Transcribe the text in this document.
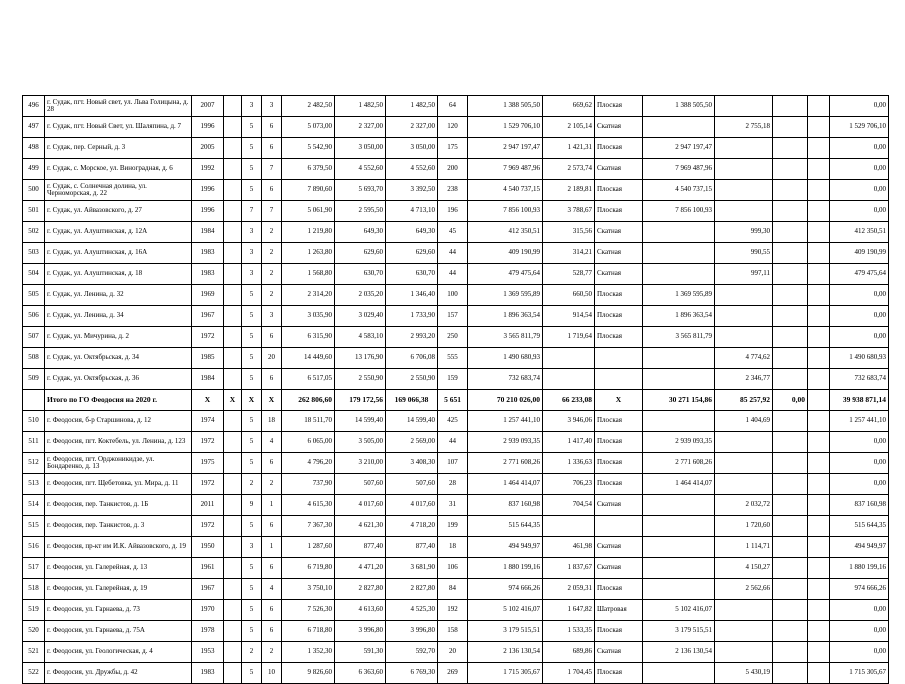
496	г. Судак, пгт. Новый свет, ул. Льва Голицына, д. 28	2007		3	3	2 482,50	1 482,50	1 482,50	64	1 388 505,50	669,62	Плоская	1 388 505,50				0,00
497	г. Судак, пгт. Новый Свет, ул. Шаляпина, д. 7	1996		5	6	5 073,00	2 327,00	2 327,00	120	1 529 706,10	2 105,14	Скатная		2 755,18			1 529 706,10
498	г. Судак, пер. Серный, д. 3	2005		5	6	5 542,90	3 050,00	3 050,00	175	2 947 197,47	1 421,31	Плоская	2 947 197,47				0,00
499	г. Судак, с. Морское, ул. Виноградная, д. 6	1992		5	7	6 379,50	4 552,60	4 552,60	200	7 969 487,96	2 573,74	Скатная	7 969 487,96				0,00
500	г. Судак, с. Солнечная долина, ул. Черноморская, д. 22	1996		5	6	7 890,60	5 693,70	3 392,50	238	4 540 737,15	2 189,81	Плоская	4 540 737,15				0,00
501	г. Судак, ул. Айвазовского, д. 27	1996		7	7	5 061,90	2 595,50	4 713,10	196	7 856 100,93	3 788,67	Плоская	7 856 100,93				0,00
502	г. Судак, ул. Алуштинская, д. 12А	1984		3	2	1 219,80	649,30	649,30	45	412 350,51	315,56	Скатная		999,30			412 350,51
503	г. Судак, ул. Алуштинская, д. 16А	1983		3	2	1 263,80	629,60	629,60	44	409 190,99	314,21	Скатная		990,55			409 190,99
504	г. Судак, ул. Алуштинская, д. 18	1983		3	2	1 568,80	630,70	630,70	44	479 475,64	528,77	Скатная		997,11			479 475,64
505	г. Судак, ул. Ленина, д. 32	1969		5	2	2 314,20	2 035,20	1 346,40	100	1 369 595,89	660,50	Плоская	1 369 595,89				0,00
506	г. Судак, ул. Ленина, д. 34	1967		5	3	3 035,90	3 029,40	1 733,90	157	1 896 363,54	914,54	Плоская	1 896 363,54				0,00
507	г. Судак, ул. Мичурина, д. 2	1972		5	6	6 315,90	4 583,10	2 993,20	250	3 565 811,79	1 719,64	Плоская	3 565 811,79				0,00
508	г. Судак, ул. Октябрьская, д. 34	1985		5	20	14 449,60	13 176,90	6 706,08	555	1 490 680,93				4 774,62			1 490 680,93
509	г. Судак, ул. Октябрьская, д. 36	1984		5	6	6 517,05	2 550,90	2 550,90	159	732 683,74				2 346,77			732 683,74
	Итого по ГО Феодосия на 2020 г.	X	X	X	X	262 806,60	179 172,56	169 066,38	5 651	70 210 026,00	66 233,08	X	30 271 154,86	85 257,92	0,00		39 938 871,14
510	г. Феодосия, б-р Старшинова, д. 12	1974		5	18	18 511,70	14 599,40	14 599,40	425	1 257 441,10	3 946,06	Плоская		1 404,69			1 257 441,10
511	г. Феодосия, пгт. Коктебель, ул. Ленина, д. 123	1972		5	4	6 065,00	3 505,00	2 569,00	44	2 939 093,35	1 417,40	Плоская	2 939 093,35				0,00
512	г. Феодосия, пгт. Орджоникидзе, ул. Бондаренко, д. 13	1975		5	6	4 796,20	3 210,00	3 408,30	107	2 771 608,26	1 336,63	Плоская	2 771 608,26				0,00
513	г. Феодосия, пгт. Щебетовка, ул. Мира, д. 11	1972		2	2	737,90	507,60	507,60	28	1 464 414,07	706,23	Плоская	1 464 414,07				0,00
514	г. Феодосия, пер. Танкистов, д. 1Б	2011		9	1	4 615,30	4 017,60	4 017,60	31	837 160,98	704,54	Скатная		2 032,72			837 160,98
515	г. Феодосия, пер. Танкистов, д. 3	1972		5	6	7 367,30	4 621,30	4 718,20	199	515 644,35				1 720,60			515 644,35
516	г. Феодосия, пр-кт им И.К. Айвазовского, д. 19	1950		3	1	1 287,60	877,40	877,40	18	494 949,97	461,98	Скатная		1 114,71			494 949,97
517	г. Феодосия, ул. Галерейная, д. 13	1961		5	6	6 719,80	4 471,20	3 681,90	106	1 880 199,16	1 837,67	Скатная		4 150,27			1 880 199,16
518	г. Феодосия, ул. Галерейная, д. 19	1967		5	4	3 750,10	2 827,80	2 827,80	84	974 666,26	2 059,31	Плоская		2 562,66			974 666,26
519	г. Феодосия, ул. Гарнаева, д. 73	1970		5	6	7 526,30	4 613,60	4 525,30	192	5 102 416,07	1 647,82	Шатровая	5 102 416,07				0,00
520	г. Феодосия, ул. Гарнаева, д. 75А	1978		5	6	6 718,80	3 996,80	3 996,80	158	3 179 515,51	1 533,35	Плоская	3 179 515,51				0,00
521	г. Феодосия, ул. Геологическая, д. 4	1953		2	2	1 352,30	591,30	592,70	20	2 136 130,54	689,86	Скатная	2 136 130,54				0,00
522	г. Феодосия, ул. Дружбы, д. 42	1983		5	10	9 826,60	6 363,60	6 769,30	269	1 715 305,67	1 704,45	Плоская		5 430,19			1 715 305,67
